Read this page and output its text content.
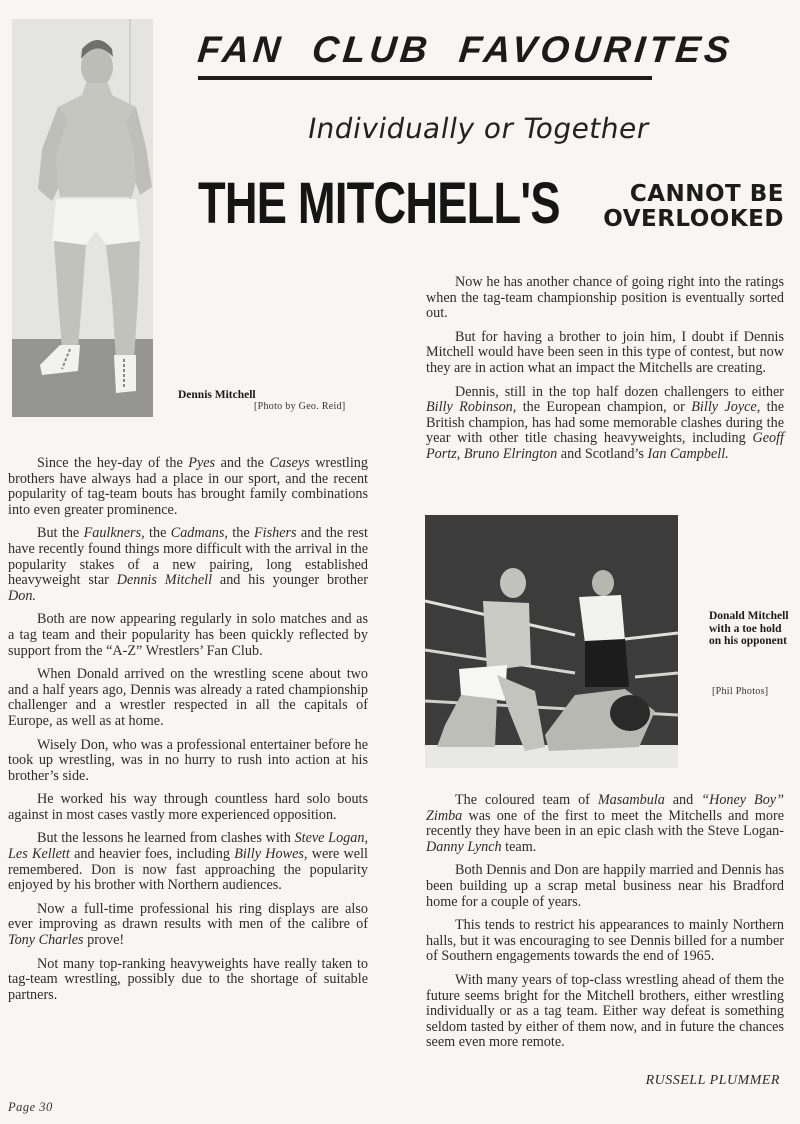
FAN CLUB FAVOURITES
Individually or Together
THE MITCHELL'S	CANNOT BE
OVERLOOKED
Dennis Mitchell
[Photo by Geo. Reid]
Donald Mitchell with a toe hold on his opponent
[Phil Photos]

Since the hey-day of the Pyes and the Caseys wrestling brothers have always had a place in our sport, and the recent popularity of tag-team bouts has brought family combinations into even greater prominence.

But the Faulkners, the Cadmans, the Fishers and the rest have recently found things more difficult with the arrival in the popularity stakes of a new pairing, long established heavyweight star Dennis Mitchell and his younger brother Don.

Both are now appearing regularly in solo matches and as a tag team and their popularity has been quickly reflected by support from the “A-Z” Wrestlers’ Fan Club.

When Donald arrived on the wrestling scene about two and a half years ago, Dennis was already a rated championship challenger and a wrestler respected in all the capitals of Europe, as well as at home.

Wisely Don, who was a professional entertainer before he took up wrestling, was in no hurry to rush into action at his brother’s side.

He worked his way through countless hard solo bouts against in most cases vastly more experienced opposition.

But the lessons he learned from clashes with Steve Logan, Les Kellett and heavier foes, including Billy Howes, were well remembered. Don is now fast approaching the popularity enjoyed by his brother with Northern audiences.

Now a full-time professional his ring displays are also ever improving as drawn results with men of the calibre of Tony Charles prove!

Not many top-ranking heavyweights have really taken to tag-team wrestling, possibly due to the shortage of suitable partners.

Now he has another chance of going right into the ratings when the tag-team championship position is eventually sorted out.

But for having a brother to join him, I doubt if Dennis Mitchell would have been seen in this type of contest, but now they are in action what an impact the Mitchells are creating.

Dennis, still in the top half dozen challengers to either Billy Robinson, the European champion, or Billy Joyce, the British champion, has had some memorable clashes during the year with other title chasing heavyweights, including Geoff Portz, Bruno Elrington and Scotland’s Ian Campbell.

The coloured team of Masambula and “Honey Boy” Zimba was one of the first to meet the Mitchells and more recently they have been in an epic clash with the Steve Logan-Danny Lynch team.

Both Dennis and Don are happily married and Dennis has been building up a scrap metal business near his Bradford home for a couple of years.

This tends to restrict his appearances to mainly Northern halls, but it was encouraging to see Dennis billed for a number of Southern engagements towards the end of 1965.

With many years of top-class wrestling ahead of them the future seems bright for the Mitchell brothers, either wrestling individually or as a tag team. Either way defeat is something seldom tasted by either of them now, and in future the chances seem even more remote.

RUSSELL PLUMMER
Page 30
